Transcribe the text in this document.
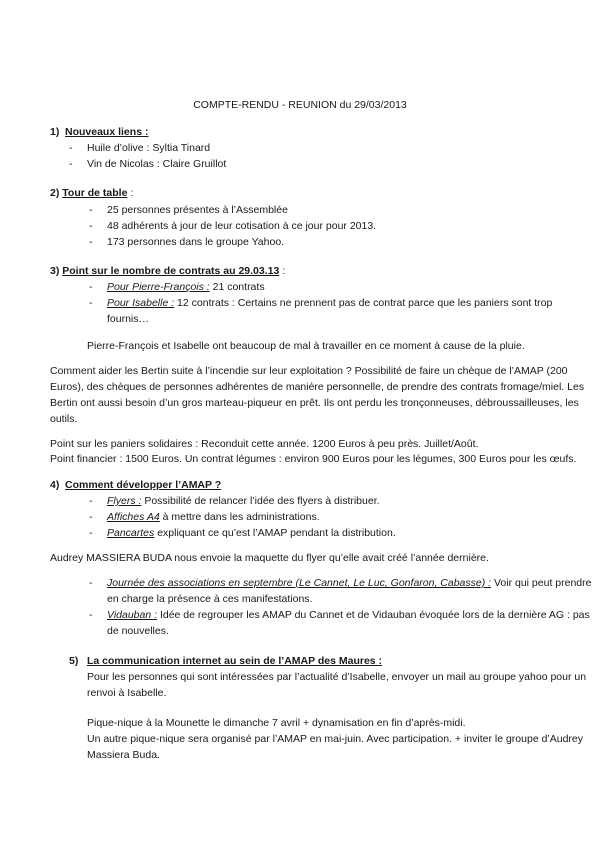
COMPTE-RENDU - REUNION du 29/03/2013
1) Nouveaux liens :
- Huile d’olive : Syltia Tinard
- Vin de Nicolas : Claire Gruillot
2) Tour de table :
- 25 personnes présentes à l’Assemblée
- 48 adhérents à jour de leur cotisation à ce jour pour 2013.
- 173 personnes dans le groupe Yahoo.
3) Point sur le nombre de contrats au 29.03.13 :
- Pour Pierre-François : 21 contrats
- Pour Isabelle : 12 contrats : Certains ne prennent pas de contrat parce que les paniers sont trop
fournis…
Pierre-François et Isabelle ont beaucoup de mal à travailler en ce moment à cause de la pluie.
Comment aider les Bertin suite à l’incendie sur leur exploitation ? Possibilité de faire un chèque de l’AMAP (200
Euros), des chèques de personnes adhérentes de manière personnelle, de prendre des contrats fromage/miel. Les
Bertin ont aussi besoin d’un gros marteau-piqueur en prêt. Ils ont perdu les tronçonneuses, débroussailleuses, les
outils.
Point sur les paniers solidaires : Reconduit cette année. 1200 Euros à peu près. Juillet/Août.
Point financier : 1500 Euros. Un contrat légumes : environ 900 Euros pour les légumes, 300 Euros pour les œufs.
4) Comment développer l’AMAP ?
- Flyers : Possibilité de relancer l’idée des flyers à distribuer.
- Affiches A4 à mettre dans les administrations.
- Pancartes expliquant ce qu’est l’AMAP pendant la distribution.
Audrey MASSIERA BUDA nous envoie la maquette du flyer qu’elle avait créé l’année dernière.
- Journée des associations en septembre (Le Cannet, Le Luc, Gonfaron, Cabasse) : Voir qui peut prendre
en charge la présence à ces manifestations.
- Vidauban : Idée de regrouper les AMAP du Cannet et de Vidauban évoquée lors de la dernière AG : pas
de nouvelles.
5) La communication internet au sein de l’AMAP des Maures :
Pour les personnes qui sont intéressées par l’actualité d’Isabelle, envoyer un mail au groupe yahoo pour un
renvoi à Isabelle.
Pique-nique à la Mounette le dimanche 7 avril + dynamisation en fin d’après-midi.
Un autre pique-nique sera organisé par l’AMAP en mai-juin. Avec participation. + inviter le groupe d’Audrey
Massiera Buda.
